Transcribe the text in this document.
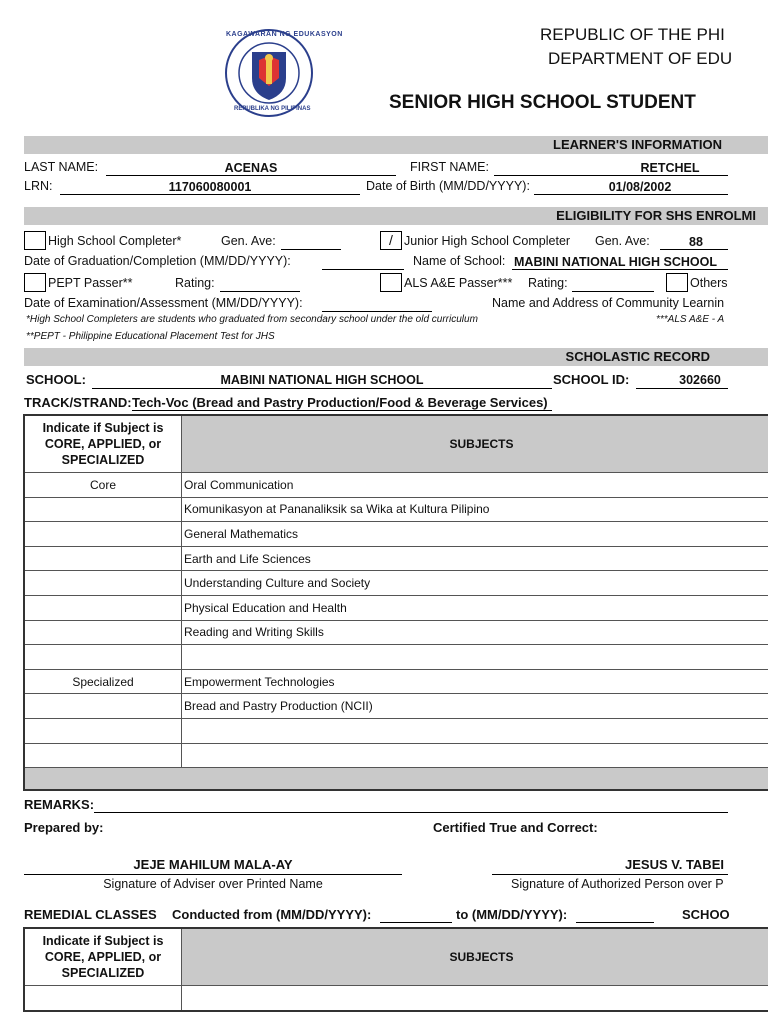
KAGAWARAN NG EDUKASYON
REPUBLIKA NG PILIPINAS
REPUBLIC OF THE PHI
DEPARTMENT OF EDU
SENIOR HIGH SCHOOL STUDENT
LEARNER'S INFORMATION
LAST NAME:	ACENAS	FIRST NAME:	RETCHEL
LRN:	117060080001	Date of Birth (MM/DD/YYYY):	01/08/2002
ELIGIBILITY FOR SHS ENROLMI
High School Completer*	Gen. Ave:	/ Junior High School Completer Gen. Ave:	88
Date of Graduation/Completion (MM/DD/YYYY):	Name of School: MABINI NATIONAL HIGH SCHOOL
PEPT Passer**	Rating:	ALS A&E Passer*** Rating:	Others
Date of Examination/Assessment (MM/DD/YYYY):	Name and Address of Community Learnin
*High School Completers are students who graduated from secondary school under the old curriculum	***ALS A&E - A
**PEPT - Philippine Educational Placement Test for JHS
SCHOLASTIC RECORD
SCHOOL:	MABINI NATIONAL HIGH SCHOOL	SCHOOL ID:	302660
TRACK/STRAND: Tech-Voc (Bread and Pastry Production/Food & Beverage Services)
Indicate if Subject is CORE, APPLIED, or SPECIALIZED	SUBJECTS
Core	Oral Communication
	Komunikasyon at Pananaliksik sa Wika at Kultura Pilipino
	General Mathematics
	Earth and Life Sciences
	Understanding Culture and Society
	Physical Education and Health
	Reading and Writing Skills

Specialized	Empowerment Technologies
	Bread and Pastry Production (NCII)

REMARKS:
Prepared by:	Certified True and Correct:
JEJE MAHILUM MALA-AY
Signature of Adviser over Printed Name
JESUS V. TABEI
Signature of Authorized Person over P
REMEDIAL CLASSES Conducted from (MM/DD/YYYY):	to (MM/DD/YYYY):	SCHOO
Indicate if Subject is CORE, APPLIED, or SPECIALIZED	SUBJECTS
